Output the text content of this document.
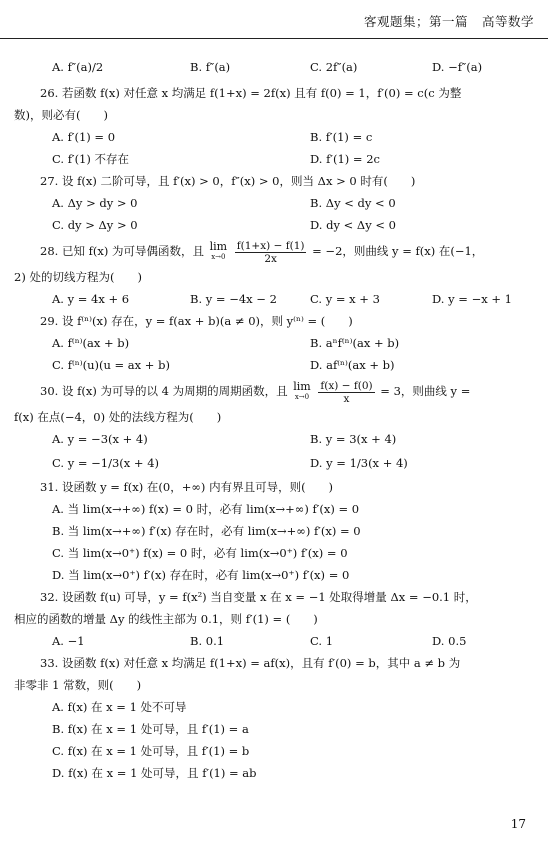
客观题集；第一篇 高等数学
A. f″(a)/2	B. f″(a)	C. 2f″(a)	D. −f″(a)
26. 若函数 f(x) 对任意 x 均满足 f(1+x) = 2f(x) 且有 f(0) = 1，f′(0) = c(c 为整
数)，则必有(　　)
A. f′(1) = 0	B. f′(1) = c
C. f′(1) 不存在	D. f′(1) = 2c
27. 设 f(x) 二阶可导，且 f′(x) > 0，f″(x) > 0，则当 Δx > 0 时有(　　)
A. Δy > dy > 0	B. Δy < dy < 0
C. dy > Δy > 0	D. dy < Δy < 0
28. 已知 f(x) 为可导偶函数，且 lim
x→0
$\frac{f(1+x) - f(1)}{2x} = -2$，则曲线 y = f(x) 在(−1，
2) 处的切线方程为(　　)
A. y = 4x + 6	B. y = −4x − 2	C. y = x + 3	D. y = −x + 1
29. 设 f⁽ⁿ⁾(x) 存在，y = f(ax + b)(a ≠ 0)，则 y⁽ⁿ⁾ = (　　)
A. f⁽ⁿ⁾(ax + b)	B. aⁿf⁽ⁿ⁾(ax + b)
C. f⁽ⁿ⁾(u)(u = ax + b)	D. af⁽ⁿ⁾(ax + b)
30. 设 f(x) 为可导的以 4 为周期的周期函数，且 lim
x→0
$\frac{f(x) - f(0)}{x} = 3$，则曲线 y =
f(x) 在点(−4，0) 处的法线方程为(　　)
A. y = −3(x + 4)	B. y = 3(x + 4)
C. y = −1/3(x + 4)	D. y = 1/3(x + 4)
31. 设函数 y = f(x) 在(0，+∞) 内有界且可导，则(　　)
A. 当 lim(x→+∞) f(x) = 0 时，必有 lim(x→+∞) f′(x) = 0
B. 当 lim(x→+∞) f′(x) 存在时，必有 lim(x→+∞) f′(x) = 0
C. 当 lim(x→0⁺) f(x) = 0 时，必有 lim(x→0⁺) f′(x) = 0
D. 当 lim(x→0⁺) f′(x) 存在时，必有 lim(x→0⁺) f′(x) = 0
32. 设函数 f(u) 可导，y = f(x²) 当自变量 x 在 x = −1 处取得增量 Δx = −0.1 时，
相应的函数的增量 Δy 的线性主部为 0.1，则 f′(1) = (　　)
A. −1	B. 0.1	C. 1	D. 0.5
33. 设函数 f(x) 对任意 x 均满足 f(1+x) = af(x)，且有 f′(0) = b，其中 a ≠ b 为
非零非 1 常数，则(　　)
A. f(x) 在 x = 1 处不可导
B. f(x) 在 x = 1 处可导，且 f′(1) = a
C. f(x) 在 x = 1 处可导，且 f′(1) = b
D. f(x) 在 x = 1 处可导，且 f′(1) = ab
17
